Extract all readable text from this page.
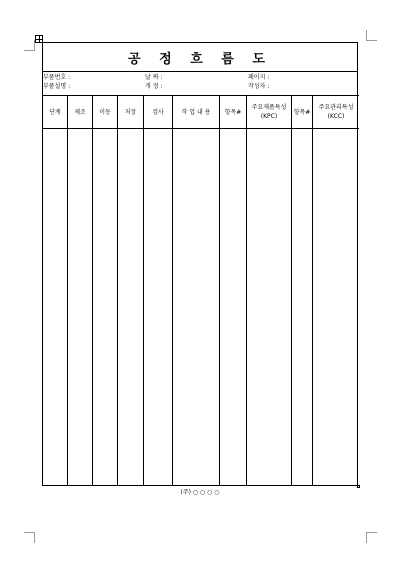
공 정 흐 름 도
부품번호 :
부품설명 :
날 짜 :
개 정 :
페이지 :
작성자 :
단계 제조 이동 저장	검사	작 업 내 용 항목#
주요제품특성
(KPC)
항목#
주요관리특성
(KCC)
(주) ○ ○ ○ ○
